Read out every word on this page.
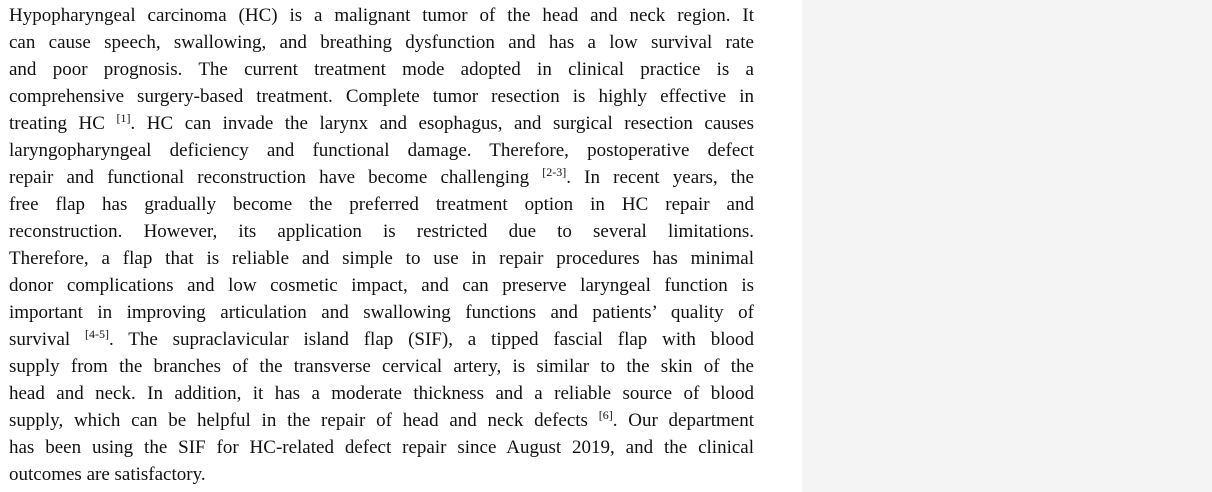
Hypopharyngeal carcinoma (HC) is a malignant tumor of the head and neck region. It
can cause speech, swallowing, and breathing dysfunction and has a low survival rate
and poor prognosis. The current treatment mode adopted in clinical practice is a
comprehensive surgery-based treatment. Complete tumor resection is highly effective in
treating HC [1]. HC can invade the larynx and esophagus, and surgical resection causes
laryngopharyngeal deficiency and functional damage. Therefore, postoperative defect
repair and functional reconstruction have become challenging [2-3]. In recent years, the
free flap has gradually become the preferred treatment option in HC repair and
reconstruction. However, its application is restricted due to several limitations.
Therefore, a flap that is reliable and simple to use in repair procedures has minimal
donor complications and low cosmetic impact, and can preserve laryngeal function is
important in improving articulation and swallowing functions and patients’ quality of
survival [4-5]. The supraclavicular island flap (SIF), a tipped fascial flap with blood
supply from the branches of the transverse cervical artery, is similar to the skin of the
head and neck. In addition, it has a moderate thickness and a reliable source of blood
supply, which can be helpful in the repair of head and neck defects [6]. Our department
has been using the SIF for HC-related defect repair since August 2019, and the clinical
outcomes are satisfactory.
